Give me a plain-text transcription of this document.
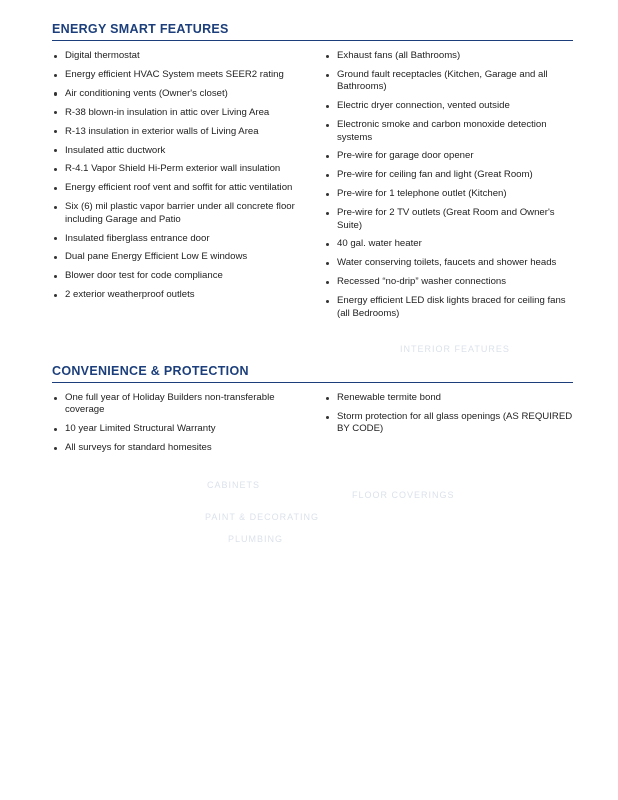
INTERIOR FEATURES
CABINETS
FLOOR COVERINGS
PAINT & DECORATING
PLUMBING
ENERGY SMART FEATURES
Digital thermostat
Energy efficient HVAC System meets SEER2 rating
Air conditioning vents (Owner's closet)
R-38 blown-in insulation in attic over Living Area
R-13 insulation in exterior walls of Living Area
Insulated attic ductwork
R-4.1 Vapor Shield Hi-Perm exterior wall insulation
Energy efficient roof vent and soffit for attic ventilation
Six (6) mil plastic vapor barrier under all concrete floor including Garage and Patio
Insulated fiberglass entrance door
Dual pane Energy Efficient Low E windows
Blower door test for code compliance
2 exterior weatherproof outlets
Exhaust fans (all Bathrooms)
Ground fault receptacles (Kitchen, Garage and all Bathrooms)
Electric dryer connection, vented outside
Electronic smoke and carbon monoxide detection systems
Pre-wire for garage door opener
Pre-wire for ceiling fan and light (Great Room)
Pre-wire for 1 telephone outlet (Kitchen)
Pre-wire for 2 TV outlets (Great Room and Owner's Suite)
40 gal. water heater
Water conserving toilets, faucets and shower heads
Recessed “no-drip” washer connections
Energy efficient LED disk lights braced for ceiling fans (all Bedrooms)
CONVENIENCE & PROTECTION
One full year of Holiday Builders non-transferable coverage
10 year Limited Structural Warranty
All surveys for standard homesites
Renewable termite bond
Storm protection for all glass openings (AS REQUIRED BY CODE)
